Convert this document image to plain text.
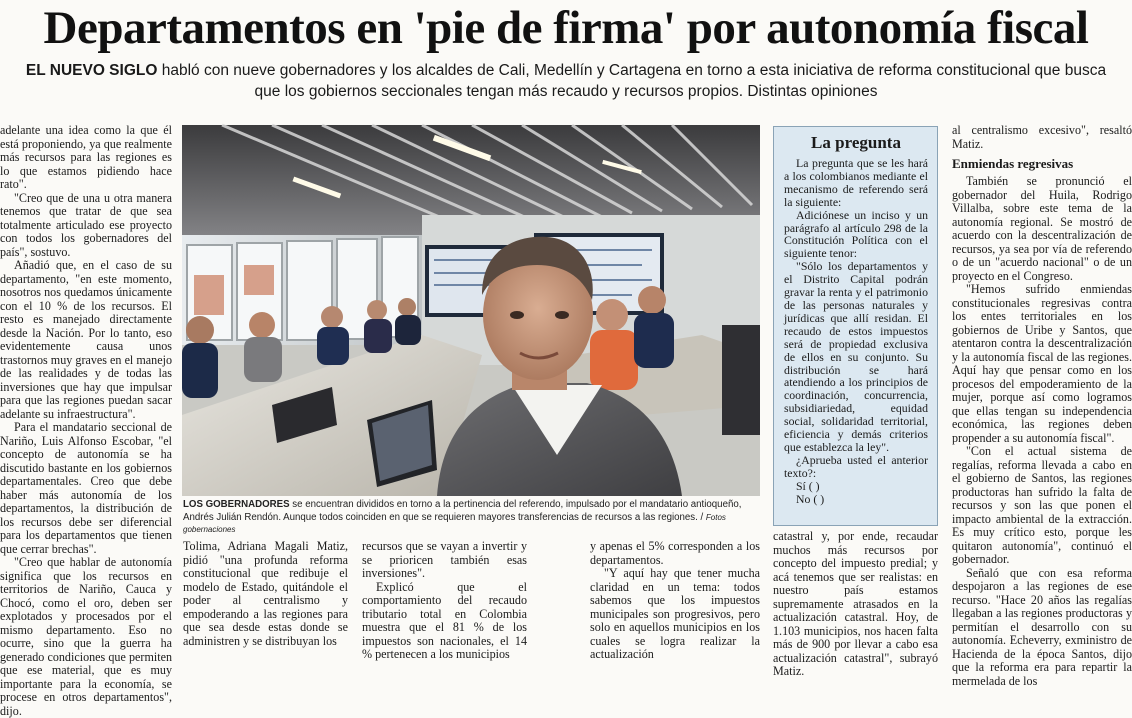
Departamentos en 'pie de firma' por autonomía fiscal
EL NUEVO SIGLO habló con nueve gobernadores y los alcaldes de Cali, Medellín y Cartagena en torno a esta iniciativa de reforma constitucional que busca
que los gobiernos seccionales tengan más recaudo y recursos propios. Distintas opiniones

adelante una idea como la que él está proponiendo, ya que realmente más recursos para las regiones es lo que estamos pidiendo hace rato".

"Creo que de una u otra manera tenemos que tratar de que sea totalmente articulado ese proyecto con todos los gobernadores del país", sostuvo.

Añadió que, en el caso de su departamento, "en este momento, nosotros nos quedamos únicamente con el 10 % de los recursos. El resto es manejado directamente desde la Nación. Por lo tanto, eso evidentemente causa unos trastornos muy graves en el manejo de las realidades y de todas las inversiones que hay que impulsar para que las regiones puedan sacar adelante su infraestructura".

Para el mandatario seccional de Nariño, Luis Alfonso Escobar, "el concepto de autonomía se ha discutido bastante en los gobiernos departamentales. Creo que debe haber más autonomía de los departamentos, la distribución de los recursos debe ser diferencial para los departamentos que tienen que cerrar brechas".

"Creo que hablar de autonomía significa que los recursos en territorios de Nariño, Cauca y Chocó, como el oro, deben ser explotados y procesados por el mismo departamento. Eso no ocurre, sino que la guerra ha generado condiciones que permiten que ese material, que es muy importante para la economía, se procese en otros departamentos", dijo.

LOS GOBERNADORES se encuentran divididos en torno a la pertinencia del referendo, impulsado por el mandatario antioqueño, Andrés Julián Rendón. Aunque todos coinciden en que se requieren mayores transferencias de recursos a las regiones. / Fotos gobernaciones

Tolima, Adriana Magali Matiz, pidió "una profunda reforma constitucional que redibuje el modelo de Estado, quitándole el poder al centralismo y empoderando a las regiones para que sea desde estas donde se administren y se distribuyan los

recursos que se vayan a invertir y se prioricen también esas inversiones".

Explicó que el comportamiento del recaudo tributario total en Colombia muestra que el 81 % de los impuestos son nacionales, el 14 % pertenecen a los municipios

y apenas el 5% corresponden a los departamentos.

"Y aquí hay que tener mucha claridad en un tema: todos sabemos que los impuestos municipales son progresivos, pero solo en aquellos municipios en los cuales se logra realizar la actualización

catastral y, por ende, recaudar muchos más recursos por concepto del impuesto predial; y acá tenemos que ser realistas: en nuestro país estamos supremamente atrasados en la actualización catastral. Hoy, de 1.103 municipios, nos hacen falta más de 900 por llevar a cabo esa actualización catastral", subrayó Matiz.

La pregunta

La pregunta que se les hará a los colombianos mediante el mecanismo de referendo será la siguiente:

Adiciónese un inciso y un parágrafo al artículo 298 de la Constitución Política con el siguiente tenor:

"Sólo los departamentos y el Distrito Capital podrán gravar la renta y el patrimonio de las personas naturales y jurídicas que allí residan. El recaudo de estos impuestos será de propiedad exclusiva de ellos en su conjunto. Su distribución se hará atendiendo a los principios de coordinación, concurrencia, subsidiariedad, equidad social, solidaridad territorial, eficiencia y demás criterios que establezca la ley".

¿Aprueba usted el anterior texto?:

Sí ( )

No ( )

al centralismo excesivo", resaltó Matiz.

Enmiendas regresivas

También se pronunció el gobernador del Huila, Rodrigo Villalba, sobre este tema de la autonomía regional. Se mostró de acuerdo con la descentralización de recursos, ya sea por vía de referendo o de un "acuerdo nacional" o de un proyecto en el Congreso.

"Hemos sufrido enmiendas constitucionales regresivas contra los entes territoriales en los gobiernos de Uribe y Santos, que atentaron contra la descentralización y la autonomía fiscal de las regiones. Aquí hay que pensar como en los procesos del empoderamiento de la mujer, porque así como logramos que ellas tengan su independencia económica, las regiones deben propender a su autonomía fiscal".

"Con el actual sistema de regalías, reforma llevada a cabo en el gobierno de Santos, las regiones productoras han sufrido la falta de recursos y son las que ponen el impacto ambiental de la extracción. Es muy crítico esto, porque les quitaron autonomía", continuó el gobernador.

Señaló que con esa reforma despojaron a las regiones de ese recurso. "Hace 20 años las regalías llegaban a las regiones productoras y permitían el desarrollo con su autonomía. Echeverry, exministro de Hacienda de la época Santos, dijo que la reforma era para repartir la mermelada de los
